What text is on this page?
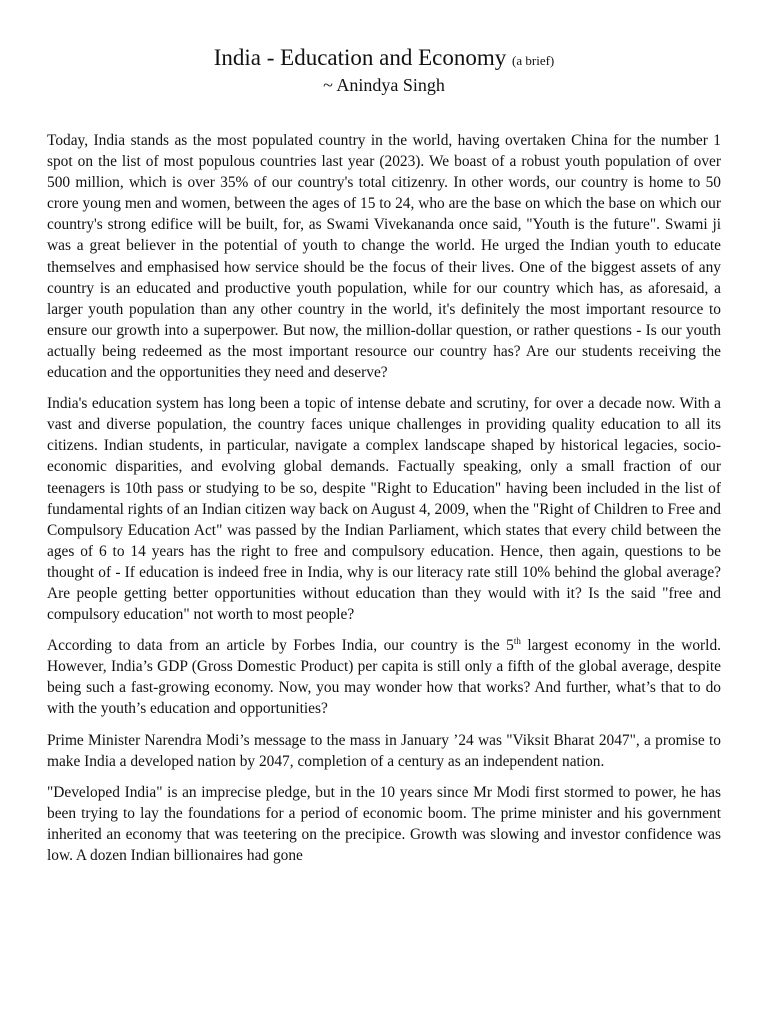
India - Education and Economy (a brief)

~ Anindya Singh

Today, India stands as the most populated country in the world, having overtaken China for the number 1 spot on the list of most populous countries last year (2023). We boast of a robust youth population of over 500 million, which is over 35% of our country's total citizenry. In other words, our country is home to 50 crore young men and women, between the ages of 15 to 24, who are the base on which the base on which our country's strong edifice will be built, for, as Swami Vivekananda once said, "Youth is the future". Swami ji was a great believer in the potential of youth to change the world. He urged the Indian youth to educate themselves and emphasised how service should be the focus of their lives. One of the biggest assets of any country is an educated and productive youth population, while for our country which has, as aforesaid, a larger youth population than any other country in the world, it's definitely the most important resource to ensure our growth into a superpower. But now, the million-dollar question, or rather questions - Is our youth actually being redeemed as the most important resource our country has? Are our students receiving the education and the opportunities they need and deserve?

India's education system has long been a topic of intense debate and scrutiny, for over a decade now. With a vast and diverse population, the country faces unique challenges in providing quality education to all its citizens. Indian students, in particular, navigate a complex landscape shaped by historical legacies, socio-economic disparities, and evolving global demands. Factually speaking, only a small fraction of our teenagers is 10th pass or studying to be so, despite "Right to Education" having been included in the list of fundamental rights of an Indian citizen way back on August 4, 2009, when the "Right of Children to Free and Compulsory Education Act" was passed by the Indian Parliament, which states that every child between the ages of 6 to 14 years has the right to free and compulsory education. Hence, then again, questions to be thought of - If education is indeed free in India, why is our literacy rate still 10% behind the global average? Are people getting better opportunities without education than they would with it? Is the said "free and compulsory education" not worth to most people?

According to data from an article by Forbes India, our country is the 5th largest economy in the world. However, India’s GDP (Gross Domestic Product) per capita is still only a fifth of the global average, despite being such a fast-growing economy. Now, you may wonder how that works? And further, what’s that to do with the youth’s education and opportunities?

Prime Minister Narendra Modi’s message to the mass in January ’24 was "Viksit Bharat 2047", a promise to make India a developed nation by 2047, completion of a century as an independent nation.

"Developed India" is an imprecise pledge, but in the 10 years since Mr Modi first stormed to power, he has been trying to lay the foundations for a period of economic boom. The prime minister and his government inherited an economy that was teetering on the precipice. Growth was slowing and investor confidence was low. A dozen Indian billionaires had gone
